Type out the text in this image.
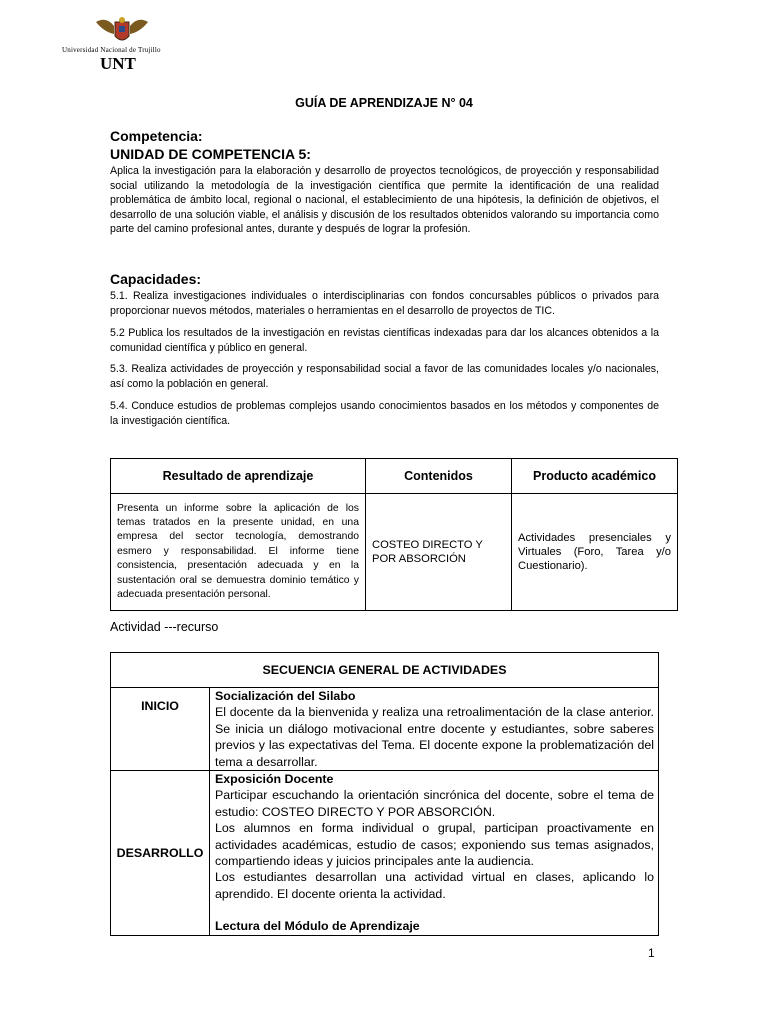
Universidad Nacional de Trujillo
UNT
GUÍA DE APRENDIZAJE N° 04
Competencia:
UNIDAD DE COMPETENCIA 5:
Aplica la investigación para la elaboración y desarrollo de proyectos tecnológicos, de proyección y responsabilidad social utilizando la metodología de la investigación científica que permite la identificación de una realidad problemática de ámbito local, regional o nacional, el establecimiento de una hipótesis, la definición de objetivos, el desarrollo de una solución viable, el análisis y discusión de los resultados obtenidos valorando su importancia como parte del camino profesional antes, durante y después de lograr la profesión.
Capacidades:
5.1. Realiza investigaciones individuales o interdisciplinarias con fondos concursables públicos o privados para proporcionar nuevos métodos, materiales o herramientas en el desarrollo de proyectos de TIC.
5.2 Publica los resultados de la investigación en revistas científicas indexadas para dar los alcances obtenidos a la comunidad científica y público en general.
5.3. Realiza actividades de proyección y responsabilidad social a favor de las comunidades locales y/o nacionales, así como la población en general.
5.4. Conduce estudios de problemas complejos usando conocimientos basados en los métodos y componentes de la investigación científica.
Resultado de aprendizaje	Contenidos	Producto académico
Presenta un informe sobre la aplicación de los temas tratados en la presente unidad, en una empresa del sector tecnología, demostrando esmero y responsabilidad. El informe tiene consistencia, presentación adecuada y en la sustentación oral se demuestra dominio temático y adecuada presentación personal.	COSTEO DIRECTO Y POR ABSORCIÓN	Actividades presenciales y Virtuales (Foro, Tarea y/o Cuestionario).
Actividad ---recurso
SECUENCIA GENERAL DE ACTIVIDADES	
INICIO	Socialización del Silabo
El docente da la bienvenida y realiza una retroalimentación de la clase anterior. Se inicia un diálogo motivacional entre docente y estudiantes, sobre saberes previos y las expectativas del Tema. El docente expone la problematización del tema a desarrollar.
DESARROLLO	Exposición Docente
Participar escuchando la orientación sincrónica del docente, sobre el tema de estudio: COSTEO DIRECTO Y POR ABSORCIÓN.
Los alumnos en forma individual o grupal, participan proactivamente en actividades académicas, estudio de casos; exponiendo sus temas asignados, compartiendo ideas y juicios principales ante la audiencia.
Los estudiantes desarrollan una actividad virtual en clases, aplicando lo aprendido. El docente orienta la actividad.
Lectura del Módulo de Aprendizaje
1
